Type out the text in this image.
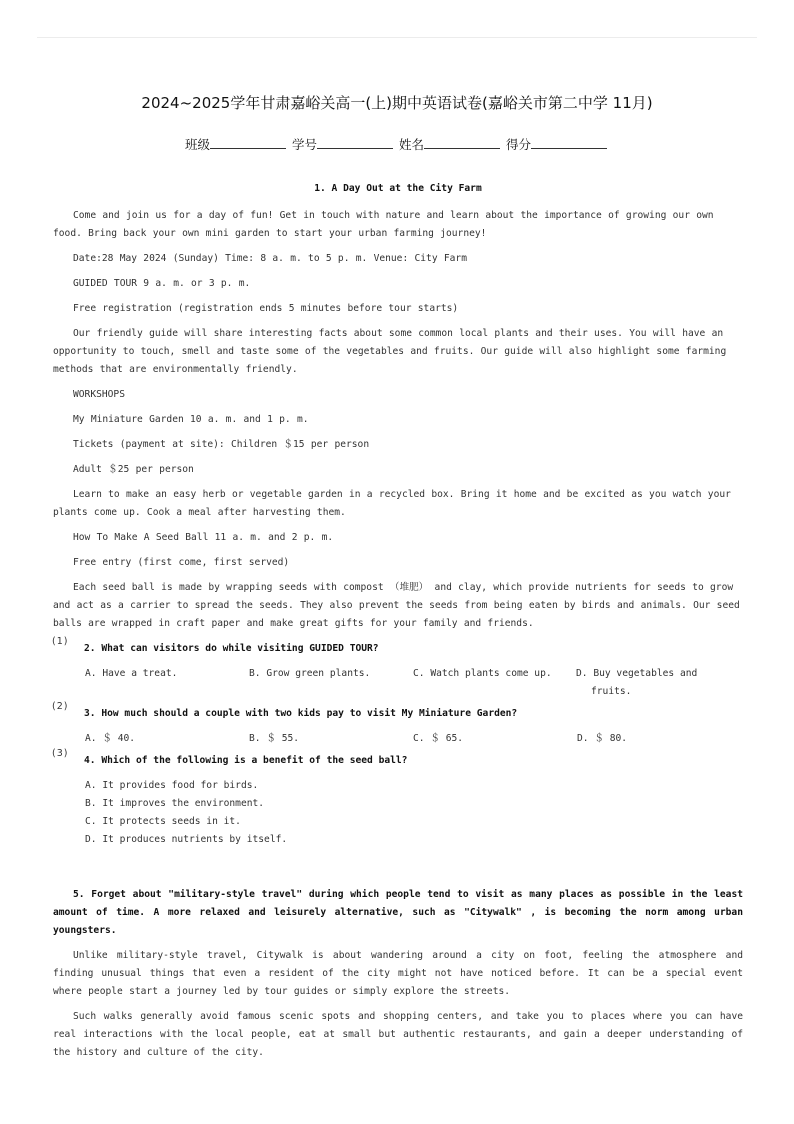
2024~2025学年甘肃嘉峪关高一(上)期中英语试卷(嘉峪关市第二中学 11月)
班级	学号	姓名	得分
1. A Day Out at the City Farm

Come and join us for a day of fun! Get in touch with nature and learn about the importance of growing our own food. Bring back your own mini garden to start your urban farming journey!

Date:28 May 2024 (Sunday) Time: 8 a. m. to 5 p. m. Venue: City Farm

GUIDED TOUR 9 a. m. or 3 p. m.

Free registration (registration ends 5 minutes before tour starts)

Our friendly guide will share interesting facts about some common local plants and their uses. You will have an opportunity to touch, smell and taste some of the vegetables and fruits. Our guide will also highlight some farming methods that are environmentally friendly.

WORKSHOPS

My Miniature Garden 10 a. m. and 1 p. m.

Tickets (payment at site): Children ＄15 per person

Adult ＄25 per person

Learn to make an easy herb or vegetable garden in a recycled box. Bring it home and be excited as you watch your plants come up. Cook a meal after harvesting them.

How To Make A Seed Ball 11 a. m. and 2 p. m.

Free entry (first come, first served)

Each seed ball is made by wrapping seeds with compost （堆肥） and clay, which provide nutrients for seeds to grow and act as a carrier to spread the seeds. They also prevent the seeds from being eaten by birds and animals. Our seed balls are wrapped in craft paper and make great gifts for your family and friends.

(1)
2. What can visitors do while visiting GUIDED TOUR?
A. Have a treat.	B. Grow green plants.	C. Watch plants come up.	D. Buy vegetables and fruits.
(2)
3. How much should a couple with two kids pay to visit My Miniature Garden?
A. ＄ 40.	B. ＄ 55.	C. ＄ 65.	D. ＄ 80.
(3)
4. Which of the following is a benefit of the seed ball?
A. It provides food for birds.
B. It improves the environment.
C. It protects seeds in it.
D. It produces nutrients by itself.

5. Forget about "military-style travel" during which people tend to visit as many places as possible in the least amount of time. A more relaxed and leisurely alternative, such as "Citywalk" , is becoming the norm among urban youngsters.

Unlike military-style travel, Citywalk is about wandering around a city on foot, feeling the atmosphere and finding unusual things that even a resident of the city might not have noticed before. It can be a special event where people start a journey led by tour guides or simply explore the streets.

Such walks generally avoid famous scenic spots and shopping centers, and take you to places where you can have real interactions with the local people, eat at small but authentic restaurants, and gain a deeper understanding of the history and culture of the city.
